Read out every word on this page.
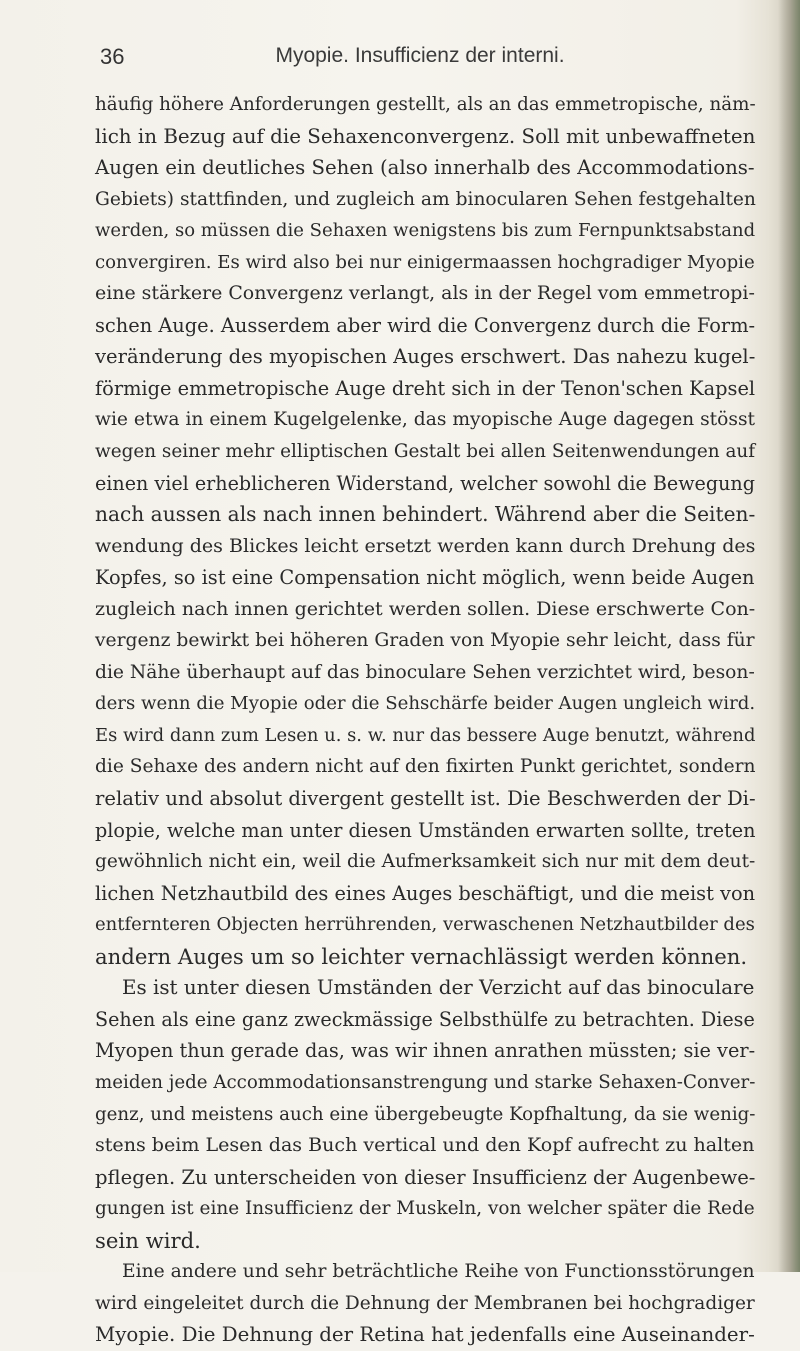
36	Myopie. Insufficienz der interni.
häufig höhere Anforderungen gestellt, als an das emmetropische, näm-
lich in Bezug auf die Sehaxenconvergenz. Soll mit unbewaffneten
Augen ein deutliches Sehen (also innerhalb des Accommodations-
Gebiets) stattfinden, und zugleich am binocularen Sehen festgehalten
werden, so müssen die Sehaxen wenigstens bis zum Fernpunktsabstand
convergiren. Es wird also bei nur einigermaassen hochgradiger Myopie
eine stärkere Convergenz verlangt, als in der Regel vom emmetropi-
schen Auge. Ausserdem aber wird die Convergenz durch die Form-
veränderung des myopischen Auges erschwert. Das nahezu kugel-
förmige emmetropische Auge dreht sich in der Tenon'schen Kapsel
wie etwa in einem Kugelgelenke, das myopische Auge dagegen stösst
wegen seiner mehr elliptischen Gestalt bei allen Seitenwendungen auf
einen viel erheblicheren Widerstand, welcher sowohl die Bewegung
nach aussen als nach innen behindert. Während aber die Seiten-
wendung des Blickes leicht ersetzt werden kann durch Drehung des
Kopfes, so ist eine Compensation nicht möglich, wenn beide Augen
zugleich nach innen gerichtet werden sollen. Diese erschwerte Con-
vergenz bewirkt bei höheren Graden von Myopie sehr leicht, dass für
die Nähe überhaupt auf das binoculare Sehen verzichtet wird, beson-
ders wenn die Myopie oder die Sehschärfe beider Augen ungleich wird.
Es wird dann zum Lesen u. s. w. nur das bessere Auge benutzt, während
die Sehaxe des andern nicht auf den fixirten Punkt gerichtet, sondern
relativ und absolut divergent gestellt ist. Die Beschwerden der Di-
plopie, welche man unter diesen Umständen erwarten sollte, treten
gewöhnlich nicht ein, weil die Aufmerksamkeit sich nur mit dem deut-
lichen Netzhautbild des eines Auges beschäftigt, und die meist von
entfernteren Objecten herrührenden, verwaschenen Netzhautbilder des
andern Auges um so leichter vernachlässigt werden können.
Es ist unter diesen Umständen der Verzicht auf das binoculare
Sehen als eine ganz zweckmässige Selbsthülfe zu betrachten. Diese
Myopen thun gerade das, was wir ihnen anrathen müssten; sie ver-
meiden jede Accommodationsanstrengung und starke Sehaxen-Conver-
genz, und meistens auch eine übergebeugte Kopfhaltung, da sie wenig-
stens beim Lesen das Buch vertical und den Kopf aufrecht zu halten
pflegen. Zu unterscheiden von dieser Insufficienz der Augenbewe-
gungen ist eine Insufficienz der Muskeln, von welcher später die Rede
sein wird.
Eine andere und sehr beträchtliche Reihe von Functionsstörungen
wird eingeleitet durch die Dehnung der Membranen bei hochgradiger
Myopie. Die Dehnung der Retina hat jedenfalls eine Auseinander-
